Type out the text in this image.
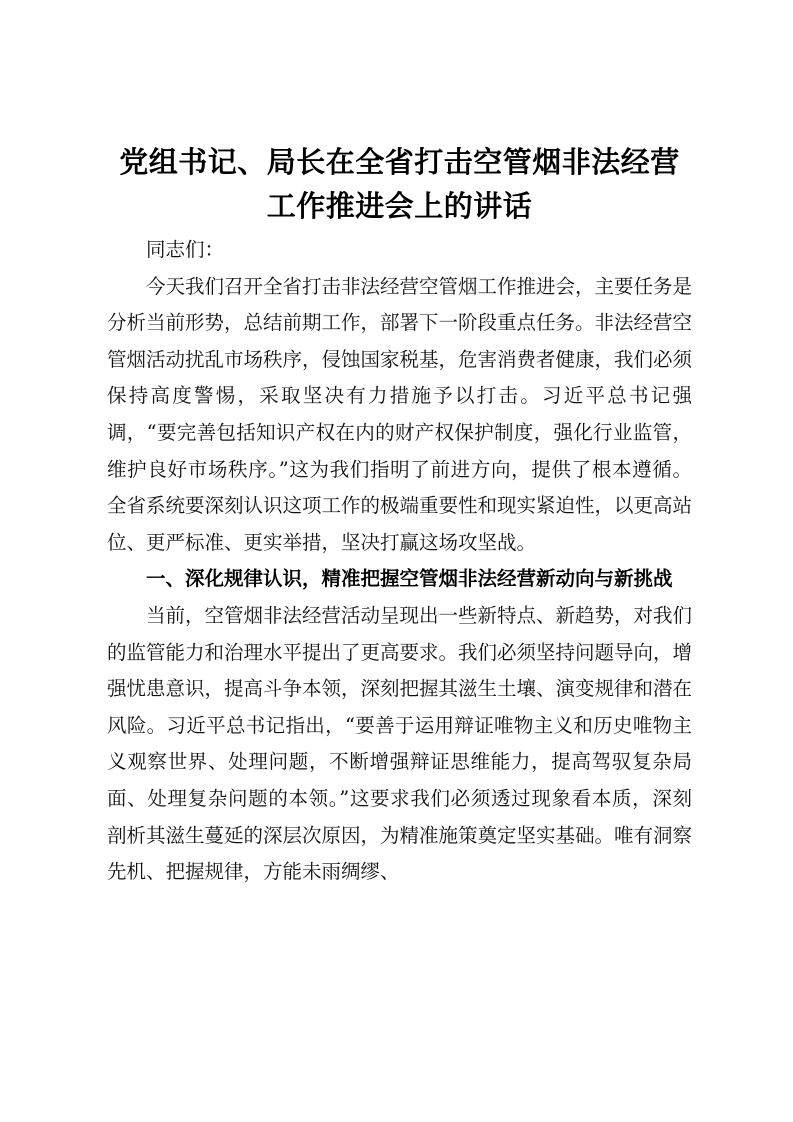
党组书记、局长在全省打击空管烟非法经营工作推进会上的讲话

同志们：

今天我们召开全省打击非法经营空管烟工作推进会，主要任务是分析当前形势，总结前期工作，部署下一阶段重点任务。非法经营空管烟活动扰乱市场秩序，侵蚀国家税基，危害消费者健康，我们必须保持高度警惕，采取坚决有力措施予以打击。习近平总书记强调，“要完善包括知识产权在内的财产权保护制度，强化行业监管，维护良好市场秩序。”这为我们指明了前进方向，提供了根本遵循。全省系统要深刻认识这项工作的极端重要性和现实紧迫性，以更高站位、更严标准、更实举措，坚决打赢这场攻坚战。

一、深化规律认识，精准把握空管烟非法经营新动向与新挑战

当前，空管烟非法经营活动呈现出一些新特点、新趋势，对我们的监管能力和治理水平提出了更高要求。我们必须坚持问题导向，增强忧患意识，提高斗争本领，深刻把握其滋生土壤、演变规律和潜在风险。习近平总书记指出，“要善于运用辩证唯物主义和历史唯物主义观察世界、处理问题，不断增强辩证思维能力，提高驾驭复杂局面、处理复杂问题的本领。”这要求我们必须透过现象看本质，深刻剖析其滋生蔓延的深层次原因，为精准施策奠定坚实基础。唯有洞察先机、把握规律，方能未雨绸缪、
